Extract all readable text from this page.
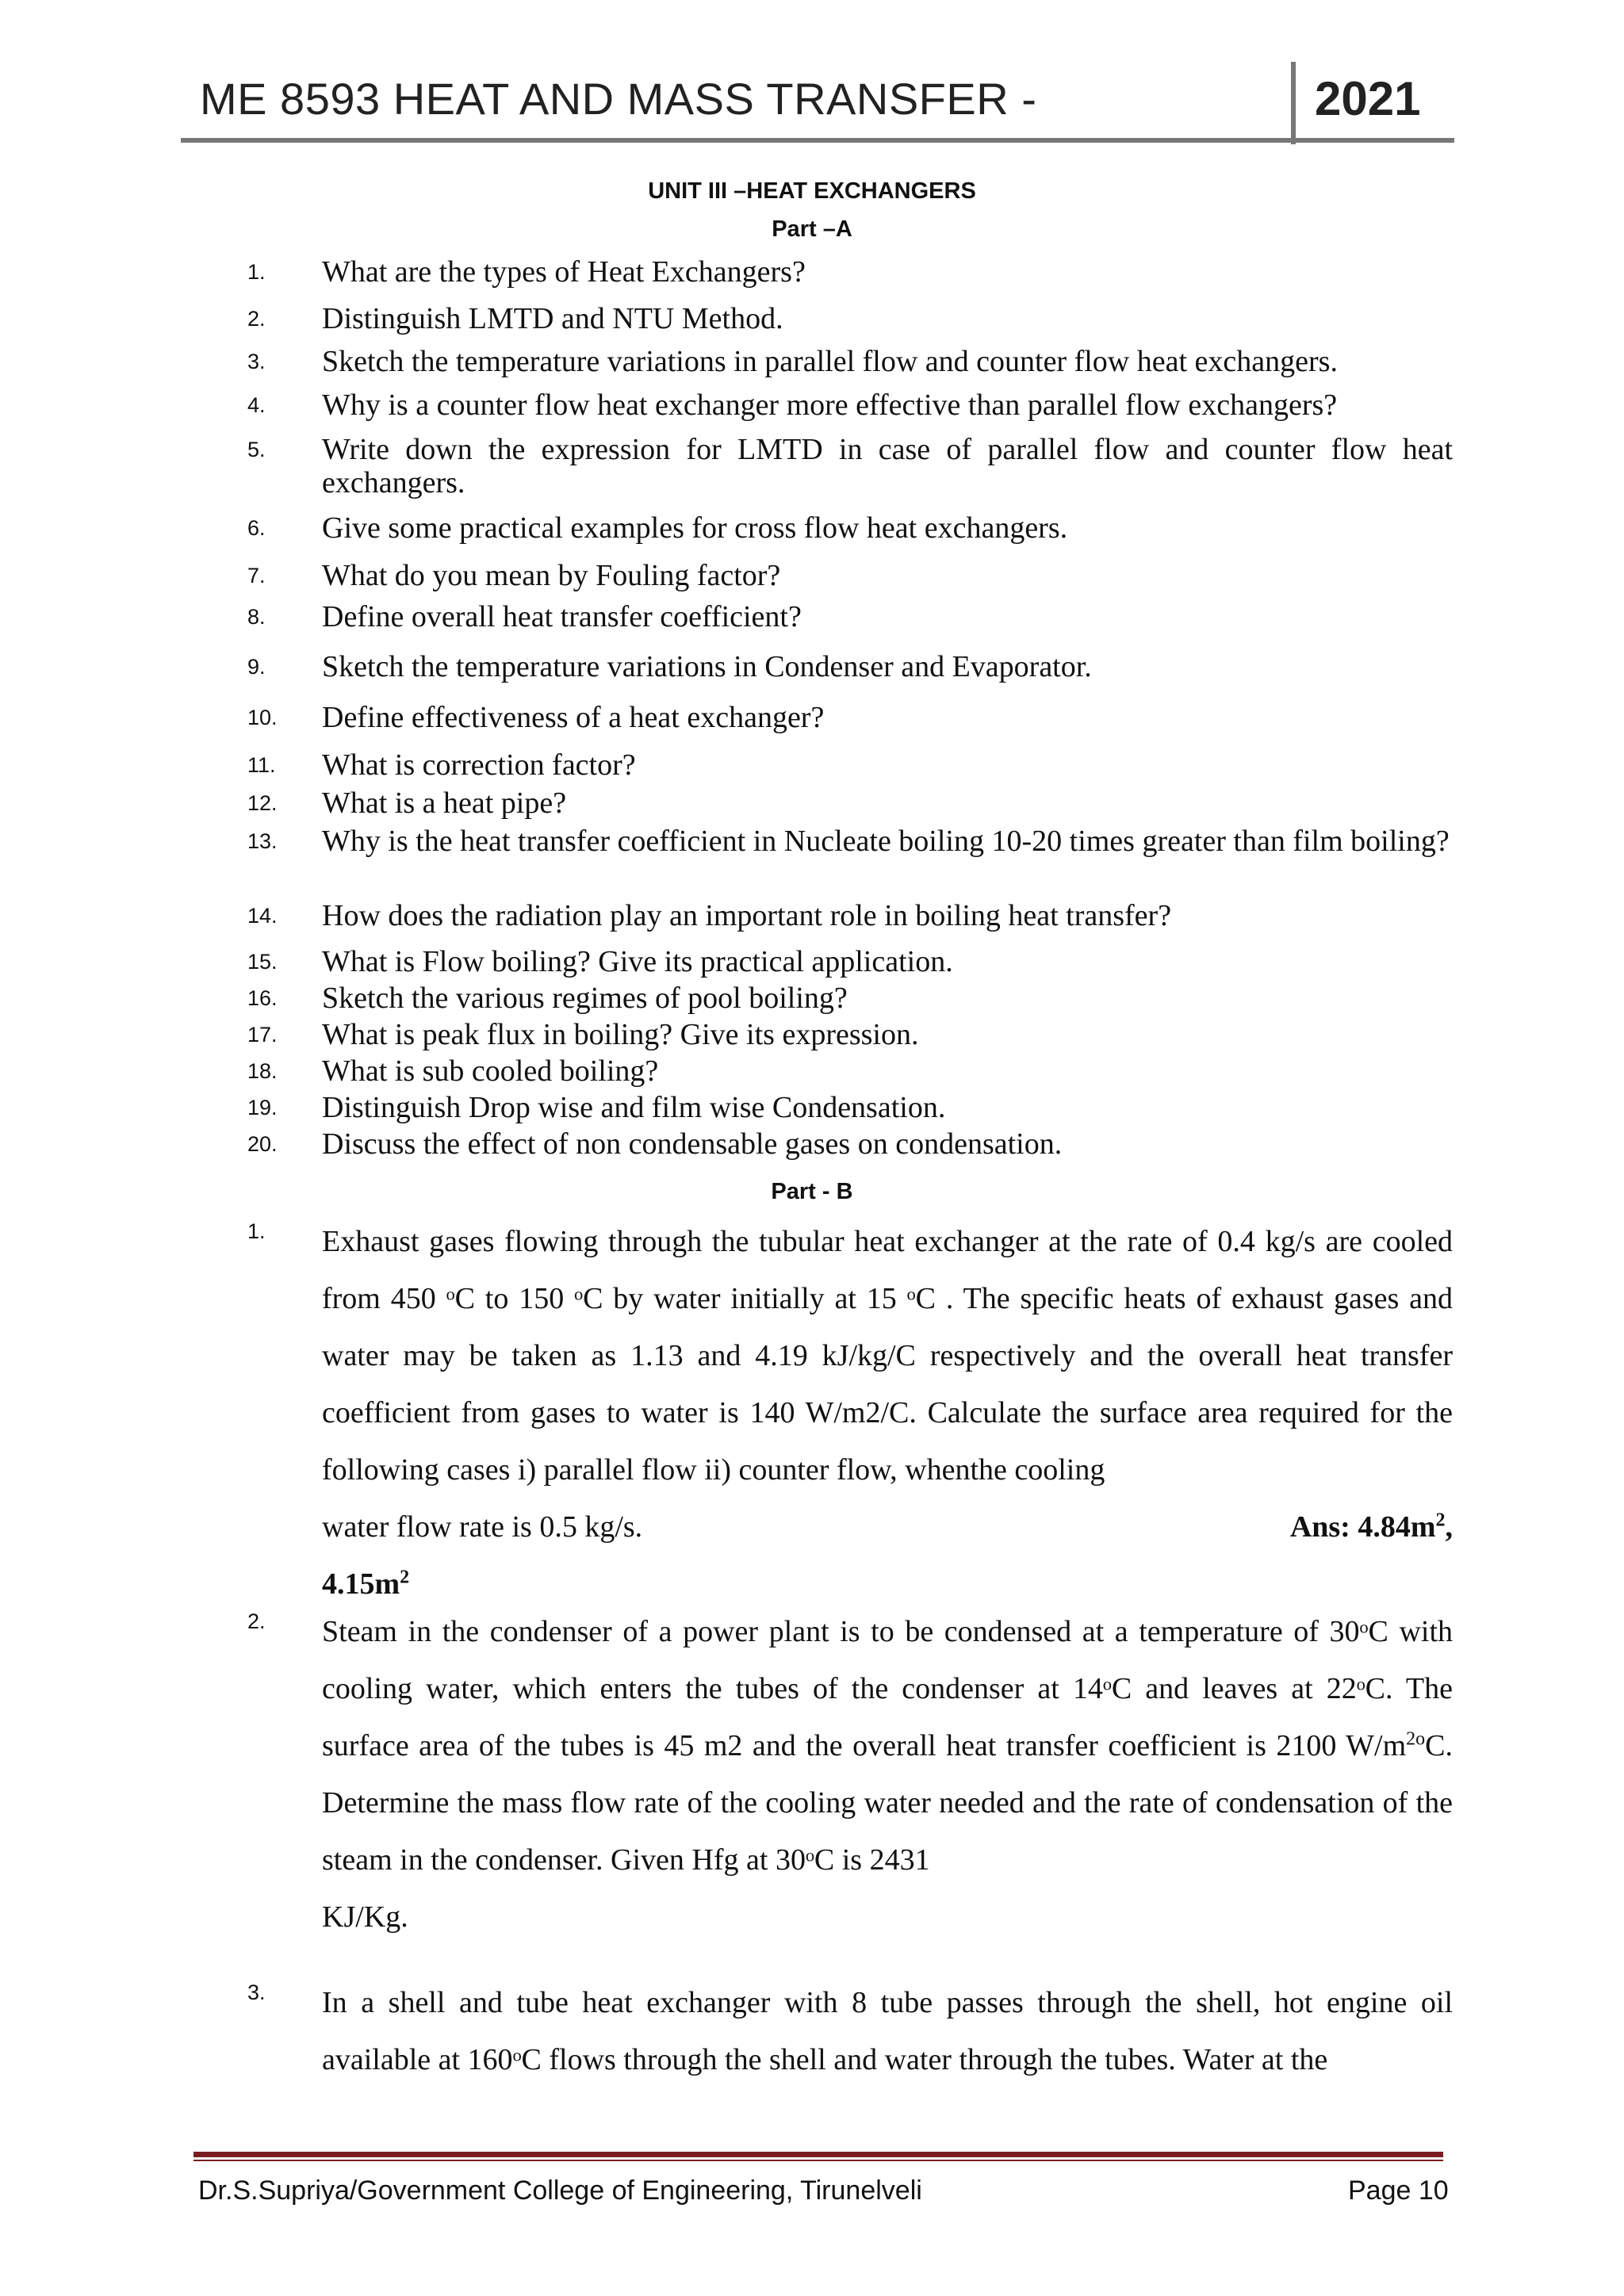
ME 8593 HEAT AND MASS TRANSFER -	2021
UNIT III –HEAT EXCHANGERS
Part –A
1. What are the types of Heat Exchangers?
2. Distinguish LMTD and NTU Method.
3. Sketch the temperature variations in parallel flow and counter flow heat exchangers.
4. Why is a counter flow heat exchanger more effective than parallel flow exchangers?
5. Write down the expression for LMTD in case of parallel flow and counter flow heat exchangers.
6. Give some practical examples for cross flow heat exchangers.
7. What do you mean by Fouling factor?
8. Define overall heat transfer coefficient?
9. Sketch the temperature variations in Condenser and Evaporator.
10. Define effectiveness of a heat exchanger?
11. What is correction factor?
12. What is a heat pipe?
13. Why is the heat transfer coefficient in Nucleate boiling 10-20 times greater than film boiling?
14. How does the radiation play an important role in boiling heat transfer?
15. What is Flow boiling? Give its practical application.
16. Sketch the various regimes of pool boiling?
17. What is peak flux in boiling? Give its expression.
18. What is sub cooled boiling?
19. Distinguish Drop wise and film wise Condensation.
20. Discuss the effect of non condensable gases on condensation.
Part - B
1. Exhaust gases flowing through the tubular heat exchanger at the rate of 0.4 kg/s are cooled from 450 ᵒC to 150 ᵒC by water initially at 15 ᵒC . The specific heats of exhaust gases and water may be taken as 1.13 and 4.19 kJ/kg/C respectively and the overall heat transfer coefficient from gases to water is 140 W/m2/C. Calculate the surface area required for the following cases i) parallel flow ii) counter flow, whenthe cooling
water flow rate is 0.5 kg/s.	Ans: $4.84m^2$,
$4.15m^2$
2. Steam in the condenser of a power plant is to be condensed at a temperature of 30ᵒC with cooling water, which enters the tubes of the condenser at 14ᵒC and leaves at 22ᵒC. The surface area of the tubes is 45 m2 and the overall heat transfer coefficient is 2100 $W/m^{2o}C$. Determine the mass flow rate of the cooling water needed and the rate of condensation of the steam in the condenser. Given Hfg at 30ᵒC is 2431
KJ/Kg.
3. In a shell and tube heat exchanger with 8 tube passes through the shell, hot engine oil available at 160ᵒC flows through the shell and water through the tubes. Water at the
Dr.S.Supriya/Government College of Engineering, Tirunelveli	Page 10
